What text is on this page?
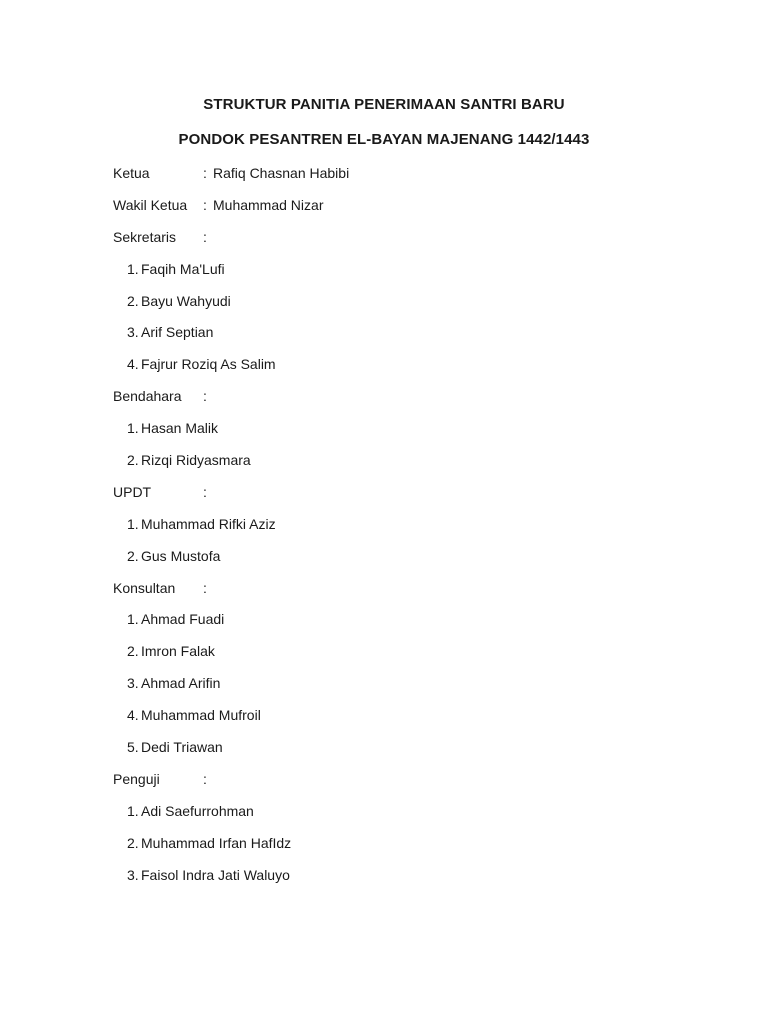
STRUKTUR PANITIA PENERIMAAN SANTRI BARU
PONDOK PESANTREN EL-BAYAN MAJENANG 1442/1443
Ketua	: Rafiq Chasnan Habibi
Wakil Ketua	: Muhammad Nizar
Sekretaris	:
1. Faqih Ma'Lufi
2. Bayu Wahyudi
3. Arif Septian
4. Fajrur Roziq As Salim
Bendahara	:
1. Hasan Malik
2. Rizqi Ridyasmara
UPDT	:
1. Muhammad Rifki Aziz
2. Gus Mustofa
Konsultan	:
1. Ahmad Fuadi
2. Imron Falak
3. Ahmad Arifin
4. Muhammad Mufroil
5. Dedi Triawan
Penguji	:
1. Adi Saefurrohman
2. Muhammad Irfan HafIdz
3. Faisol Indra Jati Waluyo
